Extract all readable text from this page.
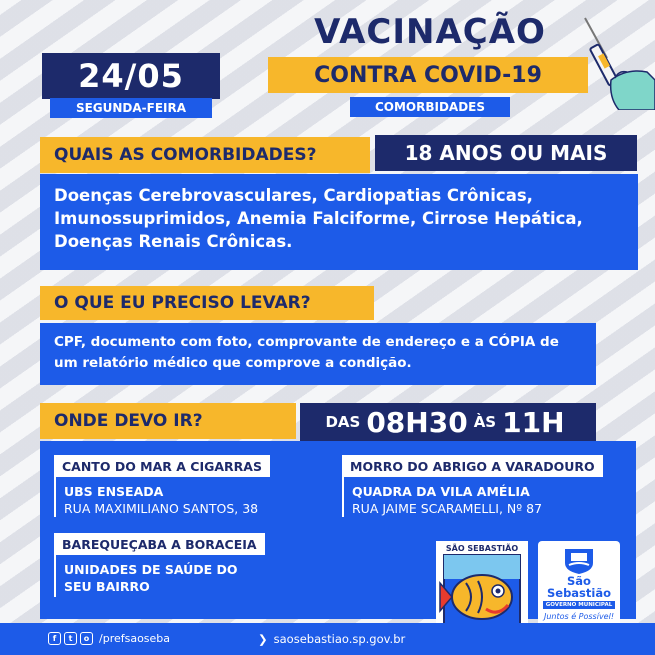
24/05
SEGUNDA-FEIRA
VACINAÇÃO
CONTRA COVID-19
COMORBIDADES
QUAIS AS COMORBIDADES?	18 ANOS OU MAIS
Doenças Cerebrovasculares, Cardiopatias Crônicas, Imunossuprimidos, Anemia Falciforme, Cirrose Hepática, Doenças Renais Crônicas.
O QUE EU PRECISO LEVAR?
CPF, documento com foto, comprovante de endereço e a CÓPIA de um relatório médico que comprove a condição.
ONDE DEVO IR?	DAS 08H30 ÀS 11H
CANTO DO MAR A CIGARRAS
UBS ENSEADA
RUA MAXIMILIANO SANTOS, 38
MORRO DO ABRIGO A VARADOURO
QUADRA DA VILA AMÉLIA
RUA JAIME SCARAMELLI, Nº 87
BAREQUEÇABA A BORACEIA
UNIDADES DE SAÚDE DO
SEU BAIRRO
SÃO SEBASTIÃO
São
Sebastião
GOVERNO MUNICIPAL
Juntos é Possível!
f	t	o /prefsaoseba	❯ saosebastiao.sp.gov.br
